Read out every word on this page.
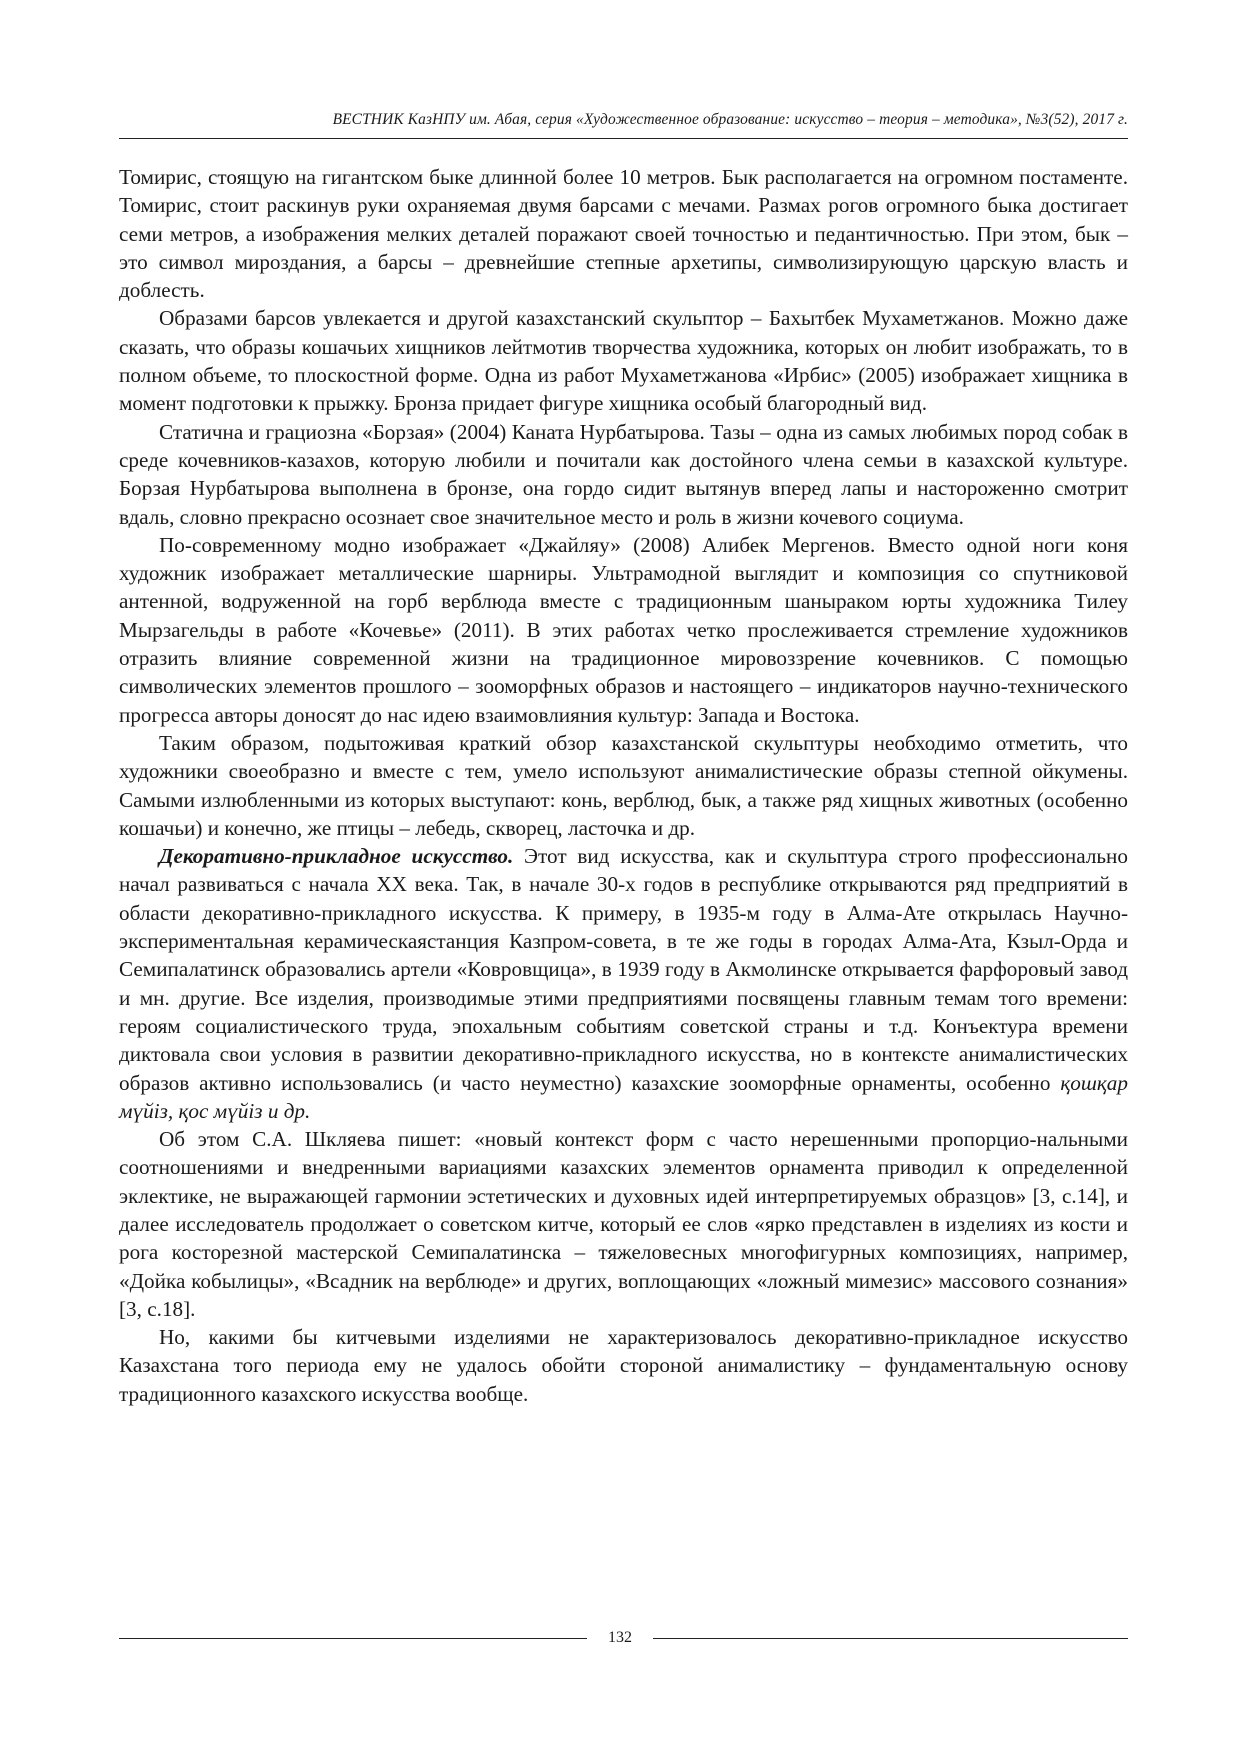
ВЕСТНИК КазНПУ им. Абая, серия «Художественное образование: искусство – теория – методика», №3(52), 2017 г.

Томирис, стоящую на гигантском быке длинной более 10 метров. Бык располагается на огромном постаменте. Томирис, стоит раскинув руки охраняемая двумя барсами с мечами. Размах рогов огромного быка достигает семи метров, а изображения мелких деталей поражают своей точностью и педантичностью. При этом, бык – это символ мироздания, а барсы – древнейшие степные архетипы, символизирующую царскую власть и доблесть.

Образами барсов увлекается и другой казахстанский скульптор – Бахытбек Мухаметжанов. Можно даже сказать, что образы кошачьих хищников лейтмотив творчества художника, которых он любит изображать, то в полном объеме, то плоскостной форме. Одна из работ Мухаметжанова «Ирбис» (2005) изображает хищника в момент подготовки к прыжку. Бронза придает фигуре хищника особый благородный вид.

Статична и грациозна «Борзая» (2004) Каната Нурбатырова. Тазы – одна из самых любимых пород собак в среде кочевников-казахов, которую любили и почитали как достойного члена семьи в казахской культуре. Борзая Нурбатырова выполнена в бронзе, она гордо сидит вытянув вперед лапы и настороженно смотрит вдаль, словно прекрасно осознает свое значительное место и роль в жизни кочевого социума.

По-современному модно изображает «Джайляу» (2008) Алибек Мергенов. Вместо одной ноги коня художник изображает металлические шарниры. Ультрамодной выглядит и композиция со спутниковой антенной, водруженной на горб верблюда вместе с традиционным шаныраком юрты художника Тилеу Мырзагельды в работе «Кочевье» (2011). В этих работах четко прослеживается стремление художников отразить влияние современной жизни на традиционное мировоззрение кочевников. С помощью символических элементов прошлого – зооморфных образов и настоящего – индикаторов научно-технического прогресса авторы доносят до нас идею взаимовлияния культур: Запада и Востока.

Таким образом, подытоживая краткий обзор казахстанской скульптуры необходимо отметить, что художники своеобразно и вместе с тем, умело используют анималистические образы степной ойкумены. Самыми излюбленными из которых выступают: конь, верблюд, бык, а также ряд хищных животных (особенно кошачьи) и конечно, же птицы – лебедь, скворец, ласточка и др.

Декоративно-прикладное искусство. Этот вид искусства, как и скульптура строго профессионально начал развиваться с начала XX века. Так, в начале 30-х годов в республике открываются ряд предприятий в области декоративно-прикладного искусства. К примеру, в 1935-м году в Алма-Ате открылась Научно-экспериментальная керамическаястанция Казпром-совета, в те же годы в городах Алма-Ата, Кзыл-Орда и Семипалатинск образовались артели «Ковровщица», в 1939 году в Акмолинске открывается фарфоровый завод и мн. другие. Все изделия, производимые этими предприятиями посвящены главным темам того времени: героям социалистического труда, эпохальным событиям советской страны и т.д. Конъектура времени диктовала свои условия в развитии декоративно-прикладного искусства, но в контексте анималистических образов активно использовались (и часто неуместно) казахские зооморфные орнаменты, особенно қошқар мүйіз, қос мүйіз и др.

Об этом С.А. Шкляева пишет: «новый контекст форм с часто нерешенными пропорцио-нальными соотношениями и внедренными вариациями казахских элементов орнамента приводил к определенной эклектике, не выражающей гармонии эстетических и духовных идей интерпретируемых образцов» [3, с.14], и далее исследователь продолжает о советском китче, который ее слов «ярко представлен в изделиях из кости и рога косторезной мастерской Семипалатинска – тяжеловесных многофигурных композициях, например, «Дойка кобылицы», «Всадник на верблюде» и других, воплощающих «ложный мимезис» массового сознания» [3, с.18].

Но, какими бы китчевыми изделиями не характеризовалось декоративно-прикладное искусство Казахстана того периода ему не удалось обойти стороной анималистику – фундаментальную основу традиционного казахского искусства вообще.

132
